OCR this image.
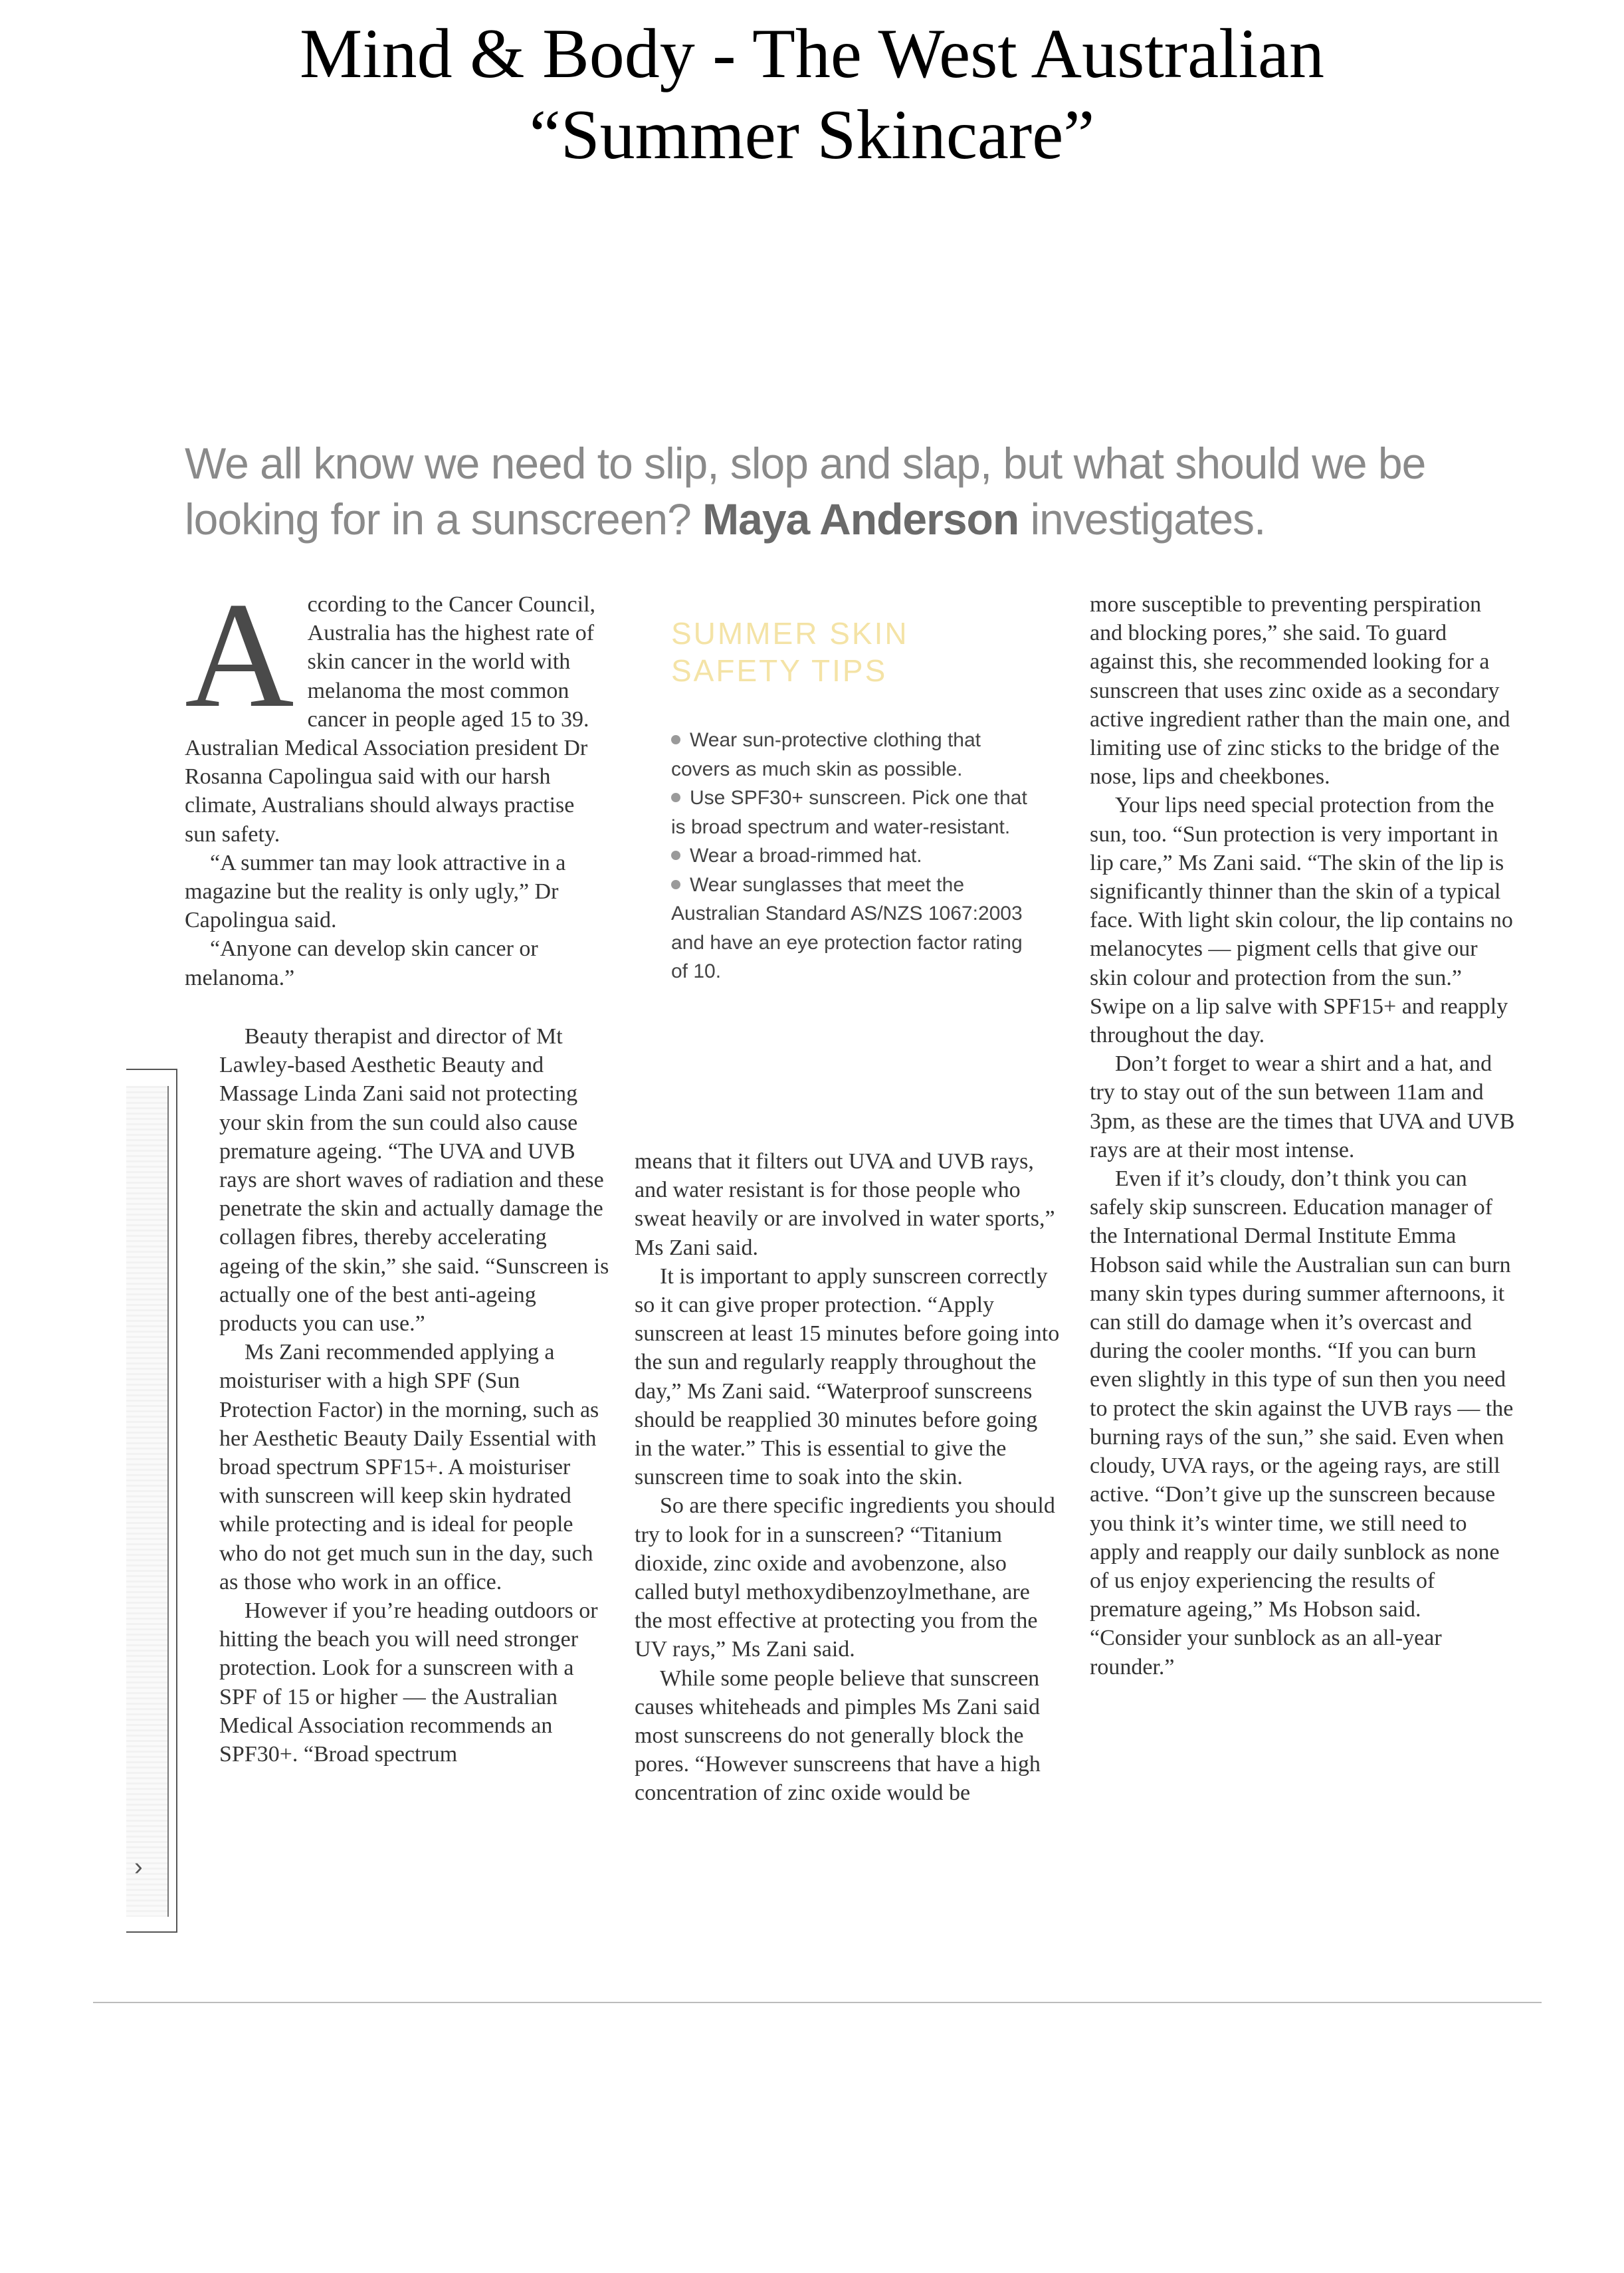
Mind & Body - The West Australian
“Summer Skincare”
We all know we need to slip, slop and slap, but what should we be looking for in a sunscreen? Maya Anderson investigates.
A ccording to the Cancer Council, Australia has the highest rate of skin cancer in the world with melanoma the most common cancer in people aged 15 to 39. Australian Medical Association president Dr Rosanna Capolingua said with our harsh climate, Australians should always practise sun safety.

“A summer tan may look attractive in a magazine but the reality is only ugly,” Dr Capolingua said.

“Anyone can develop skin cancer or melanoma.”

›

Beauty therapist and director of Mt Lawley-based Aesthetic Beauty and Massage Linda Zani said not protecting your skin from the sun could also cause premature ageing. “The UVA and UVB rays are short waves of radiation and these penetrate the skin and actually damage the collagen fibres, thereby accelerating ageing of the skin,” she said. “Sunscreen is actually one of the best anti-ageing products you can use.”

Ms Zani recommended applying a moisturiser with a high SPF (Sun Protection Factor) in the morning, such as her Aesthetic Beauty Daily Essential with broad spectrum SPF15+. A moisturiser with sunscreen will keep skin hydrated while protecting and is ideal for people who do not get much sun in the day, such as those who work in an office.

However if you’re heading outdoors or hitting the beach you will need stronger protection. Look for a sunscreen with a SPF of 15 or higher — the Australian Medical Association recommends an SPF30+. “Broad spectrum

SUMMER SKIN
SAFETY TIPS
Wear sun-protective clothing that covers as much skin as possible.
Use SPF30+ sunscreen. Pick one that is broad spectrum and water-resistant.
Wear a broad-rimmed hat.
Wear sunglasses that meet the Australian Standard AS/NZS 1067:2003 and have an eye protection factor rating of 10.

means that it filters out UVA and UVB rays, and water resistant is for those people who sweat heavily or are involved in water sports,” Ms Zani said.

It is important to apply sunscreen correctly so it can give proper protection. “Apply sunscreen at least 15 minutes before going into the sun and regularly reapply throughout the day,” Ms Zani said. “Waterproof sunscreens should be reapplied 30 minutes before going in the water.” This is essential to give the sunscreen time to soak into the skin.

So are there specific ingredients you should try to look for in a sunscreen? “Titanium dioxide, zinc oxide and avobenzone, also called butyl methoxydibenzoylmethane, are the most effective at protecting you from the UV rays,” Ms Zani said.

While some people believe that sunscreen causes whiteheads and pimples Ms Zani said most sunscreens do not generally block the pores. “However sunscreens that have a high concentration of zinc oxide would be

more susceptible to preventing perspiration and blocking pores,” she said. To guard against this, she recommended looking for a sunscreen that uses zinc oxide as a secondary active ingredient rather than the main one, and limiting use of zinc sticks to the bridge of the nose, lips and cheekbones.

Your lips need special protection from the sun, too. “Sun protection is very important in lip care,” Ms Zani said. “The skin of the lip is significantly thinner than the skin of a typical face. With light skin colour, the lip contains no melanocytes — pigment cells that give our skin colour and protection from the sun.” Swipe on a lip salve with SPF15+ and reapply throughout the day.

Don’t forget to wear a shirt and a hat, and try to stay out of the sun between 11am and 3pm, as these are the times that UVA and UVB rays are at their most intense.

Even if it’s cloudy, don’t think you can safely skip sunscreen. Education manager of the International Dermal Institute Emma Hobson said while the Australian sun can burn many skin types during summer afternoons, it can still do damage when it’s overcast and during the cooler months. “If you can burn even slightly in this type of sun then you need to protect the skin against the UVB rays — the burning rays of the sun,” she said. Even when cloudy, UVA rays, or the ageing rays, are still active. “Don’t give up the sunscreen because you think it’s winter time, we still need to apply and reapply our daily sunblock as none of us enjoy experiencing the results of premature ageing,” Ms Hobson said. “Consider your sunblock as an all-year rounder.”
